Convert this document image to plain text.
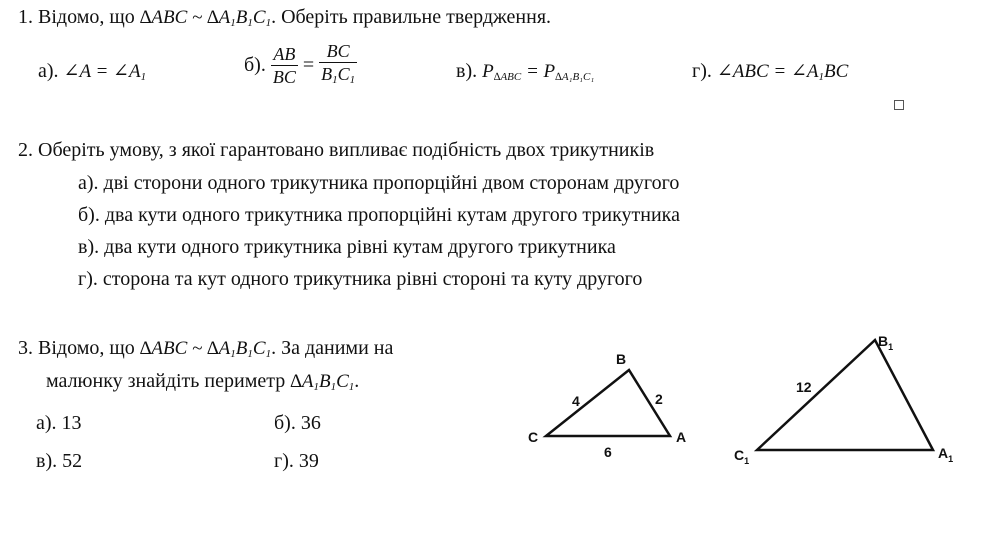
1. Відомо, що ∆ABC ~ $\Delta A_1B_1C_1$. Оберіть правильне твердження.
а). ∠A = $\angle A_1$
б). $\frac{AB}{BC} = \frac{BC}{B_1C_1}$	в). $P_{\Delta ABC} = P_{\Delta A_1B_1C_1}$	г). ∠ABC = $\angle A_1BC$
2. Оберіть умову, з якої гарантовано випливає подібність двох трикутників
а). дві сторони одного трикутника пропорційні двом сторонам другого
б). два кути одного трикутника пропорційні кутам другого трикутника
в). два кути одного трикутника рівні кутам другого трикутника
г). сторона та кут одного трикутника рівні стороні та куту другого
3. Відомо, що ∆ABC ~ $\Delta A_1B_1C_1$. За даними на
малюнку знайдіть периметр $\Delta A_1B_1C_1$.
а). 13	б). 36
в). 52	г). 39
B
C	A
4	2
6
$B_1$
$C_1$	$A_1$
12
